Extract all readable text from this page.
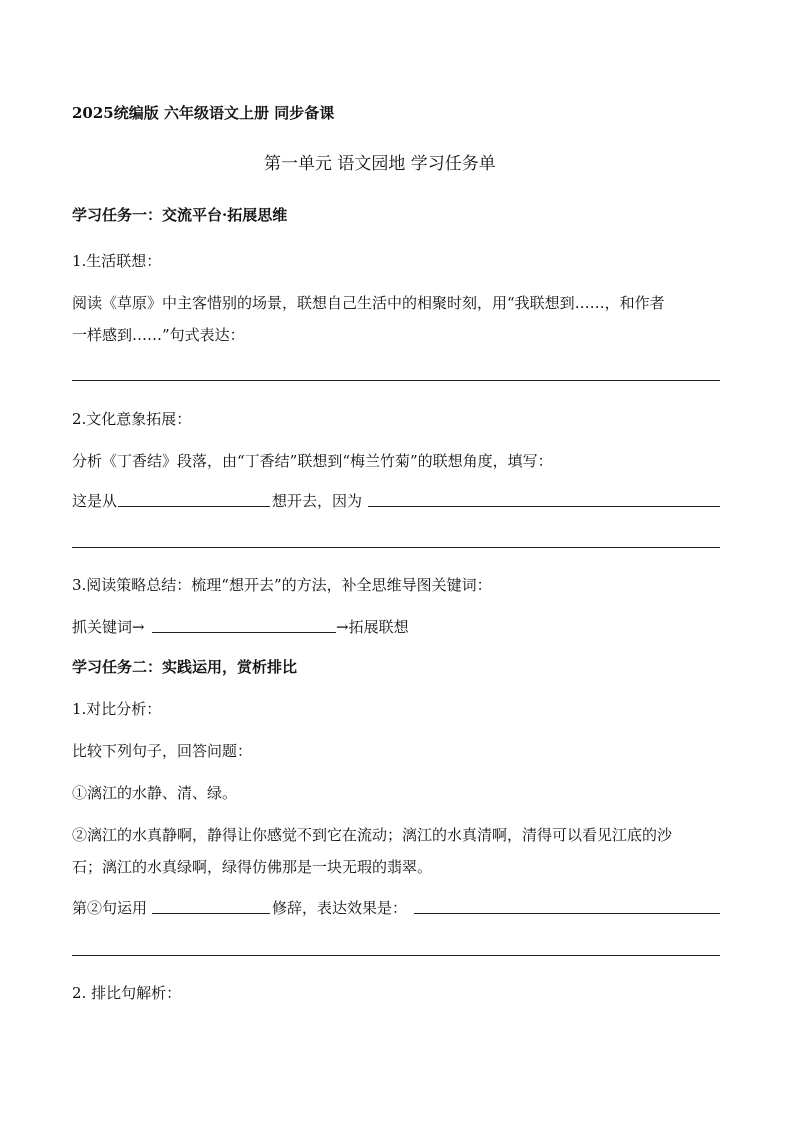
2025统编版 六年级语文上册 同步备课
第一单元 语文园地 学习任务单
学习任务一：交流平台·拓展思维
1.生活联想：
阅读《草原》中主客惜别的场景，联想自己生活中的相聚时刻，用“我联想到……，和作者
一样感到……”句式表达：
2.文化意象拓展：
分析《丁香结》段落，由“丁香结”联想到“梅兰竹菊”的联想角度，填写：
这是从	想开去，因为
3.阅读策略总结：梳理“想开去”的方法，补全思维导图关键词：
抓关键词→	→拓展联想
学习任务二：实践运用，赏析排比
1.对比分析：
比较下列句子，回答问题：
①漓江的水静、清、绿。
②漓江的水真静啊，静得让你感觉不到它在流动；漓江的水真清啊，清得可以看见江底的沙
石；漓江的水真绿啊，绿得仿佛那是一块无瑕的翡翠。
第②句运用	修辞，表达效果是：
2. 排比句解析：
